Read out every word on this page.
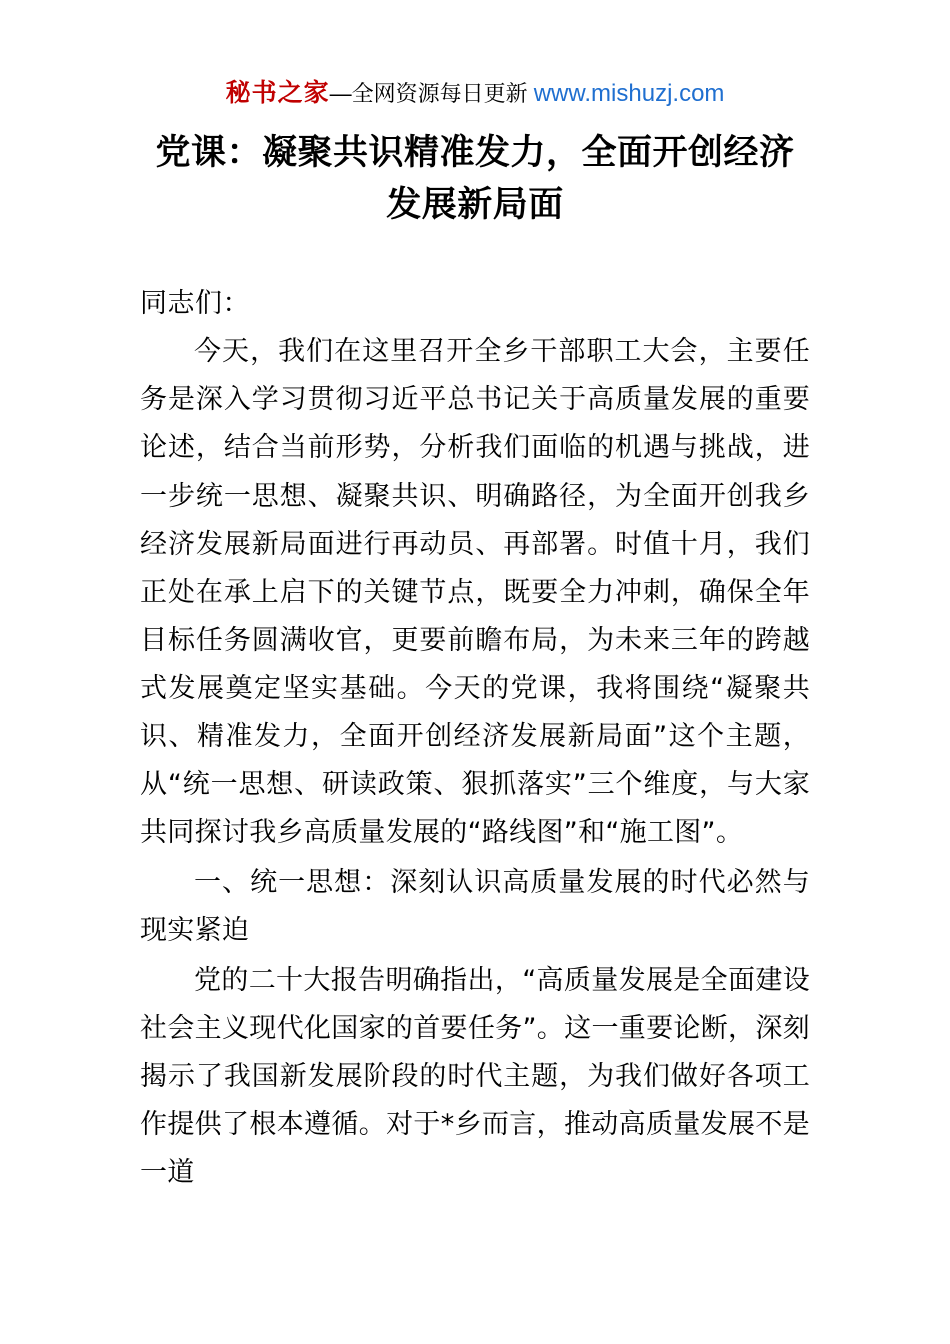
秘书之家—全网资源每日更新 www.mishuzj.com
党课：凝聚共识精准发力，全面开创经济发展新局面
同志们：

今天，我们在这里召开全乡干部职工大会，主要任务是深入学习贯彻习近平总书记关于高质量发展的重要论述，结合当前形势，分析我们面临的机遇与挑战，进一步统一思想、凝聚共识、明确路径，为全面开创我乡经济发展新局面进行再动员、再部署。时值十月，我们正处在承上启下的关键节点，既要全力冲刺，确保全年目标任务圆满收官，更要前瞻布局，为未来三年的跨越式发展奠定坚实基础。今天的党课，我将围绕“凝聚共识、精准发力，全面开创经济发展新局面”这个主题，从“统一思想、研读政策、狠抓落实”三个维度，与大家共同探讨我乡高质量发展的“路线图”和“施工图”。

一、统一思想：深刻认识高质量发展的时代必然与现实紧迫

党的二十大报告明确指出，“高质量发展是全面建设社会主义现代化国家的首要任务”。这一重要论断，深刻揭示了我国新发展阶段的时代主题，为我们做好各项工作提供了根本遵循。对于*乡而言，推动高质量发展不是一道
